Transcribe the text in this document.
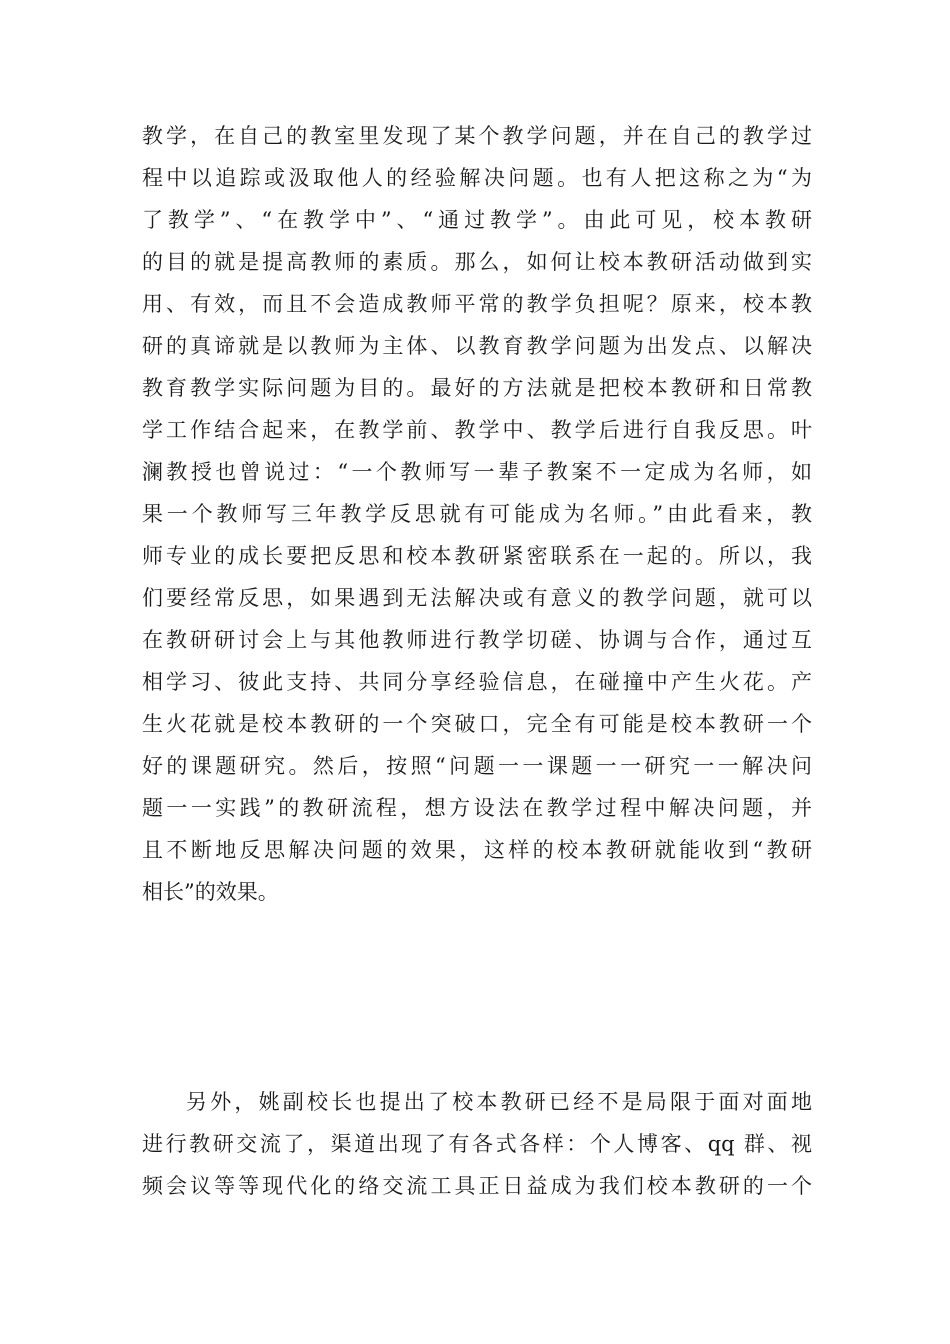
教学，在自己的教室里发现了某个教学问题，并在自己的教学过
程中以追踪或汲取他人的经验解决问题。也有人把这称之为“为
了教学”、“在教学中”、“通过教学”。由此可见，校本教研
的目的就是提高教师的素质。那么，如何让校本教研活动做到实
用、有效，而且不会造成教师平常的教学负担呢？原来，校本教
研的真谛就是以教师为主体、以教育教学问题为出发点、以解决
教育教学实际问题为目的。最好的方法就是把校本教研和日常教
学工作结合起来，在教学前、教学中、教学后进行自我反思。叶
澜教授也曾说过：“一个教师写一辈子教案不一定成为名师，如
果一个教师写三年教学反思就有可能成为名师。”由此看来，教
师专业的成长要把反思和校本教研紧密联系在一起的。所以，我
们要经常反思，如果遇到无法解决或有意义的教学问题，就可以
在教研研讨会上与其他教师进行教学切磋、协调与合作，通过互
相学习、彼此支持、共同分享经验信息，在碰撞中产生火花。产
生火花就是校本教研的一个突破口，完全有可能是校本教研一个
好的课题研究。然后，按照“问题一一课题一一研究一一解决问
题一一实践”的教研流程，想方设法在教学过程中解决问题，并
且不断地反思解决问题的效果，这样的校本教研就能收到“教研
相长”的效果。
另外，姚副校长也提出了校本教研已经不是局限于面对面地
进行教研交流了，渠道出现了有各式各样：个人博客、qq 群、视
频会议等等现代化的络交流工具正日益成为我们校本教研的一个
